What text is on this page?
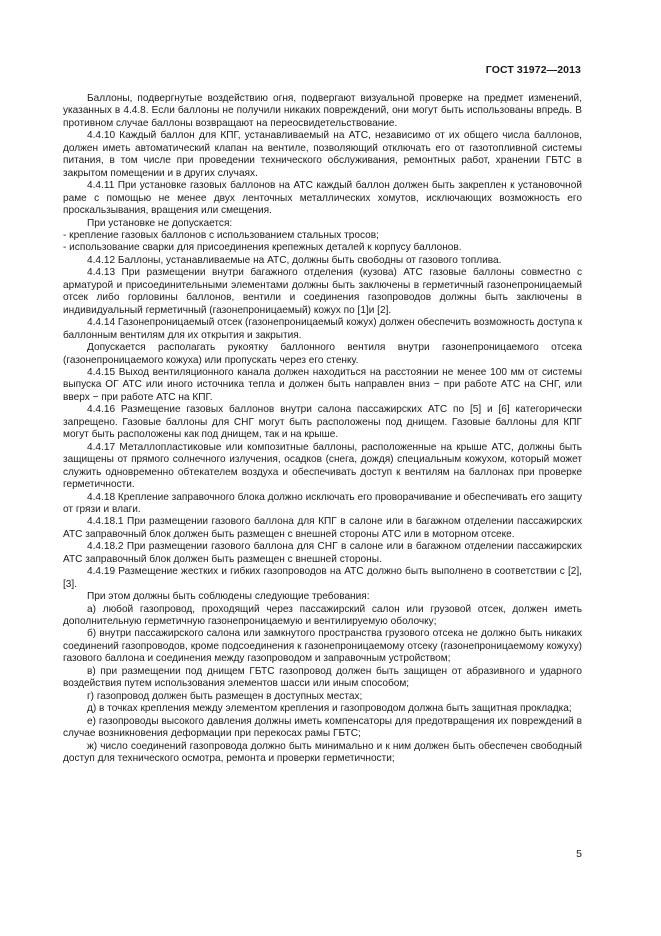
ГОСТ 31972—2013

Баллоны, подвергнутые воздействию огня, подвергают визуальной проверке на предмет изменений, указанных в 4.4.8. Если баллоны не получили никаких повреждений, они могут быть использованы впредь. В противном случае баллоны возвращают на переосвидетельствование.

4.4.10 Каждый баллон для КПГ, устанавливаемый на АТС, независимо от их общего числа баллонов, должен иметь автоматический клапан на вентиле, позволяющий отключать его от газотопливной системы питания, в том числе при проведении технического обслуживания, ремонтных работ, хранении ГБТС в закрытом помещении и в других случаях.

4.4.11 При установке газовых баллонов на АТС каждый баллон должен быть закреплен к установочной раме с помощью не менее двух ленточных металлических хомутов, исключающих возможность его проскальзывания, вращения или смещения.

При установке не допускается:

- крепление газовых баллонов с использованием стальных тросов;

- использование сварки для присоединения крепежных деталей к корпусу баллонов.

4.4.12 Баллоны, устанавливаемые на АТС, должны быть свободны от газового топлива.

4.4.13 При размещении внутри багажного отделения (кузова) АТС газовые баллоны совместно с арматурой и присоединительными элементами должны быть заключены в герметичный газонепроницаемый отсек либо горловины баллонов, вентили и соединения газопроводов должны быть заключены в индивидуальный герметичный (газонепроницаемый) кожух по [1]и [2].

4.4.14 Газонепроницаемый отсек (газонепроницаемый кожух) должен обеспечить возможность доступа к баллонным вентилям для их открытия и закрытия.

Допускается располагать рукоятку баллонного вентиля внутри газонепроницаемого отсека (газонепроницаемого кожуха) или пропускать через его стенку.

4.4.15 Выход вентиляционного канала должен находиться на расстоянии не менее 100 мм от системы выпуска ОГ АТС или иного источника тепла и должен быть направлен вниз − при работе АТС на СНГ, или вверх − при работе АТС на КПГ.

4.4.16 Размещение газовых баллонов внутри салона пассажирских АТС по [5] и [6] категорически запрещено. Газовые баллоны для СНГ могут быть расположены под днищем. Газовые баллоны для КПГ могут быть расположены как под днищем, так и на крыше.

4.4.17 Металлопластиковые или композитные баллоны, расположенные на крыше АТС, должны быть защищены от прямого солнечного излучения, осадков (снега, дождя) специальным кожухом, который может служить одновременно обтекателем воздуха и обеспечивать доступ к вентилям на баллонах при проверке герметичности.

4.4.18 Крепление заправочного блока должно исключать его проворачивание и обеспечивать его защиту от грязи и влаги.

4.4.18.1 При размещении газового баллона для КПГ в салоне или в багажном отделении пассажирских АТС заправочный блок должен быть размещен с внешней стороны АТС или в моторном отсеке.

4.4.18.2 При размещении газового баллона для СНГ в салоне или в багажном отделении пассажирских АТС заправочный блок должен быть размещен с внешней стороны.

4.4.19 Размещение жестких и гибких газопроводов на АТС должно быть выполнено в соответствии с [2], [3].

При этом должны быть соблюдены следующие требования:

а) любой газопровод, проходящий через пассажирский салон или грузовой отсек, должен иметь дополнительную герметичную газонепроницаемую и вентилируемую оболочку;

б) внутри пассажирского салона или замкнутого пространства грузового отсека не должно быть никаких соединений газопроводов, кроме подсоединения к газонепроницаемому отсеку (газонепроницаемому кожуху) газового баллона и соединения между газопроводом и заправочным устройством;

в) при размещении под днищем ГБТС газопровод должен быть защищен от абразивного и ударного воздействия путем использования элементов шасси или иным способом;

г) газопровод должен быть размещен в доступных местах;

д) в точках крепления между элементом крепления и газопроводом должна быть защитная прокладка;

е) газопроводы высокого давления должны иметь компенсаторы для предотвращения их повреждений в случае возникновения деформации при перекосах рамы ГБТС;

ж) число соединений газопровода должно быть минимально и к ним должен быть обеспечен свободный доступ для технического осмотра, ремонта и проверки герметичности;

5
